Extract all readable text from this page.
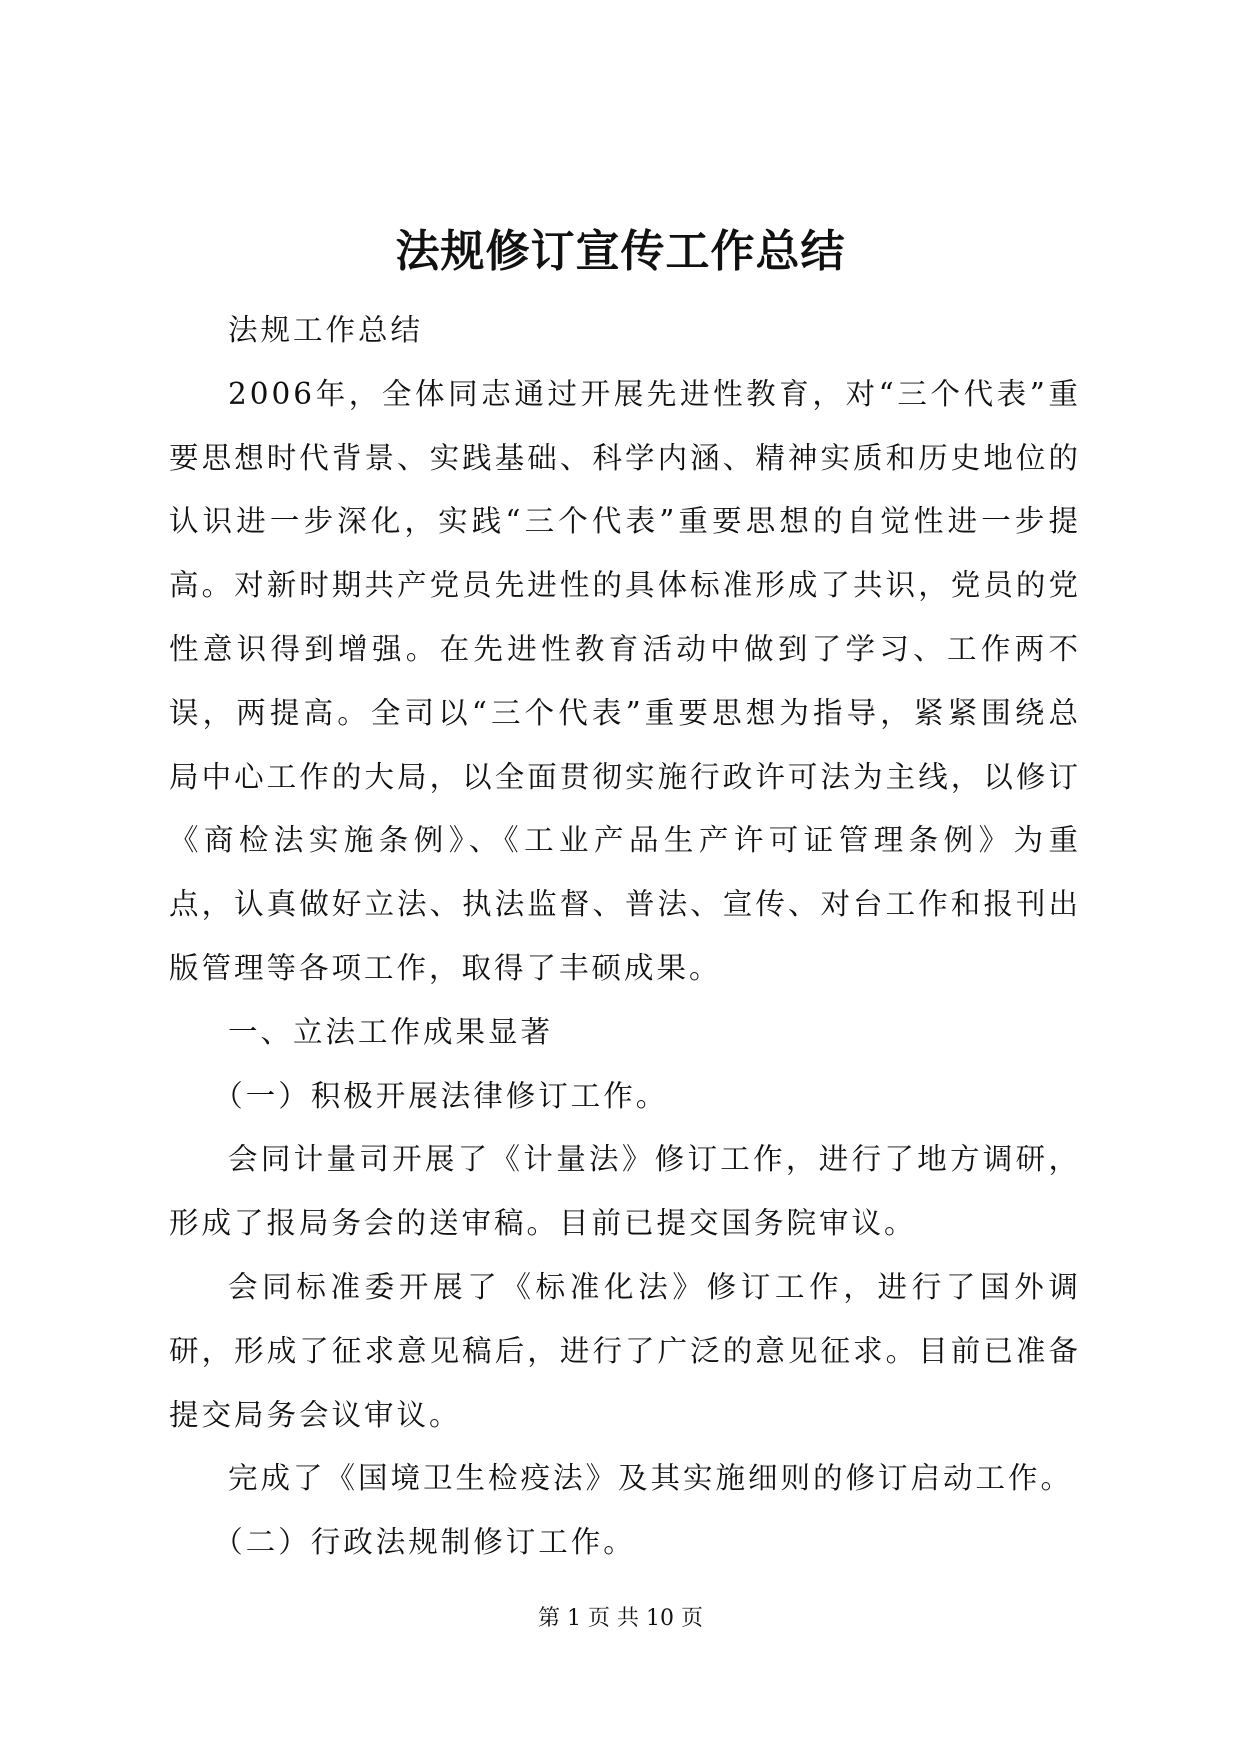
法规修订宣传工作总结

法规工作总结

2006年，全体同志通过开展先进性教育，对“三个代表”重要思想时代背景、实践基础、科学内涵、精神实质和历史地位的认识进一步深化，实践“三个代表”重要思想的自觉性进一步提高。对新时期共产党员先进性的具体标准形成了共识，党员的党性意识得到增强。在先进性教育活动中做到了学习、工作两不误，两提高。全司以“三个代表”重要思想为指导，紧紧围绕总局中心工作的大局，以全面贯彻实施行政许可法为主线，以修订《商检法实施条例》、《工业产品生产许可证管理条例》为重点，认真做好立法、执法监督、普法、宣传、对台工作和报刊出版管理等各项工作，取得了丰硕成果。

一、立法工作成果显著

（一）积极开展法律修订工作。

会同计量司开展了《计量法》修订工作，进行了地方调研，形成了报局务会的送审稿。目前已提交国务院审议。

会同标准委开展了《标准化法》修订工作，进行了国外调研，形成了征求意见稿后，进行了广泛的意见征求。目前已准备提交局务会议审议。

完成了《国境卫生检疫法》及其实施细则的修订启动工作。

（二）行政法规制修订工作。

第 1 页 共 10 页
